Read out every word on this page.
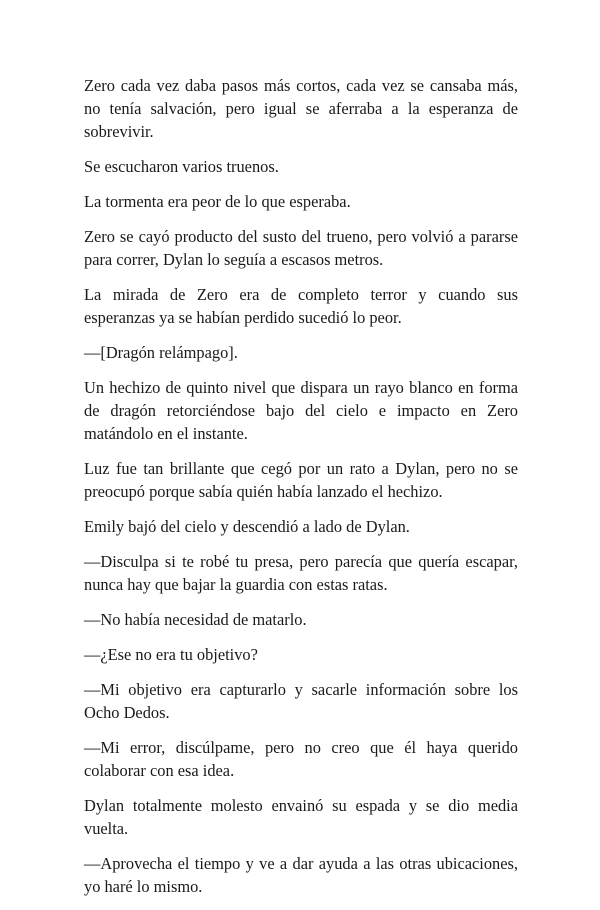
Zero cada vez daba pasos más cortos, cada vez se cansaba más, no tenía salvación, pero igual se aferraba a la esperanza de sobrevivir.

Se escucharon varios truenos.

La tormenta era peor de lo que esperaba.

Zero se cayó producto del susto del trueno, pero volvió a pararse para correr, Dylan lo seguía a escasos metros.

La mirada de Zero era de completo terror y cuando sus esperanzas ya se habían perdido sucedió lo peor.

—[Dragón relámpago].

Un hechizo de quinto nivel que dispara un rayo blanco en forma de dragón retorciéndose bajo del cielo e impacto en Zero matándolo en el instante.

Luz fue tan brillante que cegó por un rato a Dylan, pero no se preocupó porque sabía quién había lanzado el hechizo.

Emily bajó del cielo y descendió a lado de Dylan.

—Disculpa si te robé tu presa, pero parecía que quería escapar, nunca hay que bajar la guardia con estas ratas.

—No había necesidad de matarlo.

—¿Ese no era tu objetivo?

—Mi objetivo era capturarlo y sacarle información sobre los Ocho Dedos.

—Mi error, discúlpame, pero no creo que él haya querido colaborar con esa idea.

Dylan totalmente molesto envainó su espada y se dio media vuelta.

—Aprovecha el tiempo y ve a dar ayuda a las otras ubicaciones, yo haré lo mismo.
